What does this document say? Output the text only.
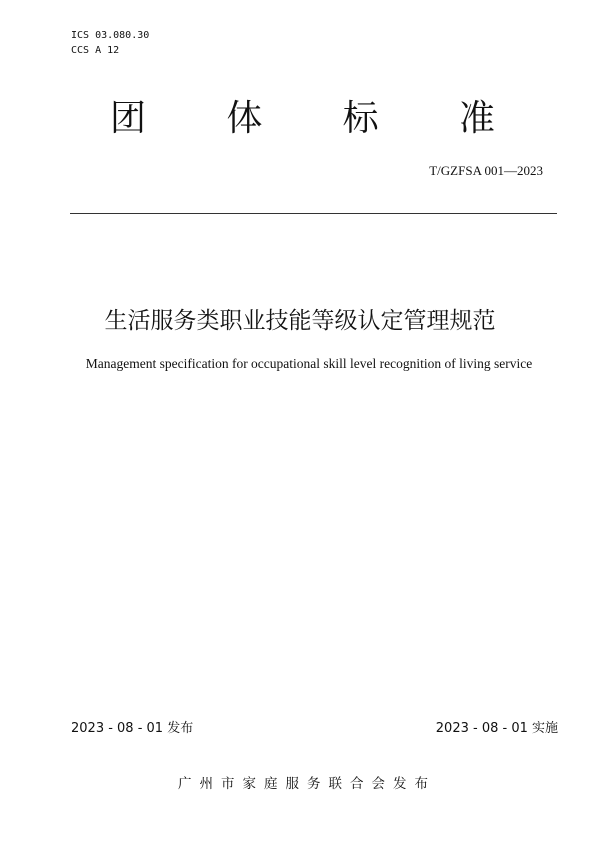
ICS 03.080.30
CCS A 12
团 体 标 准
T/GZFSA 001—2023
生活服务类职业技能等级认定管理规范
Management specification for occupational skill level recognition of living service
2023 - 08 - 01 发布	2023 - 08 - 01 实施
广州市家庭服务联合会发布
